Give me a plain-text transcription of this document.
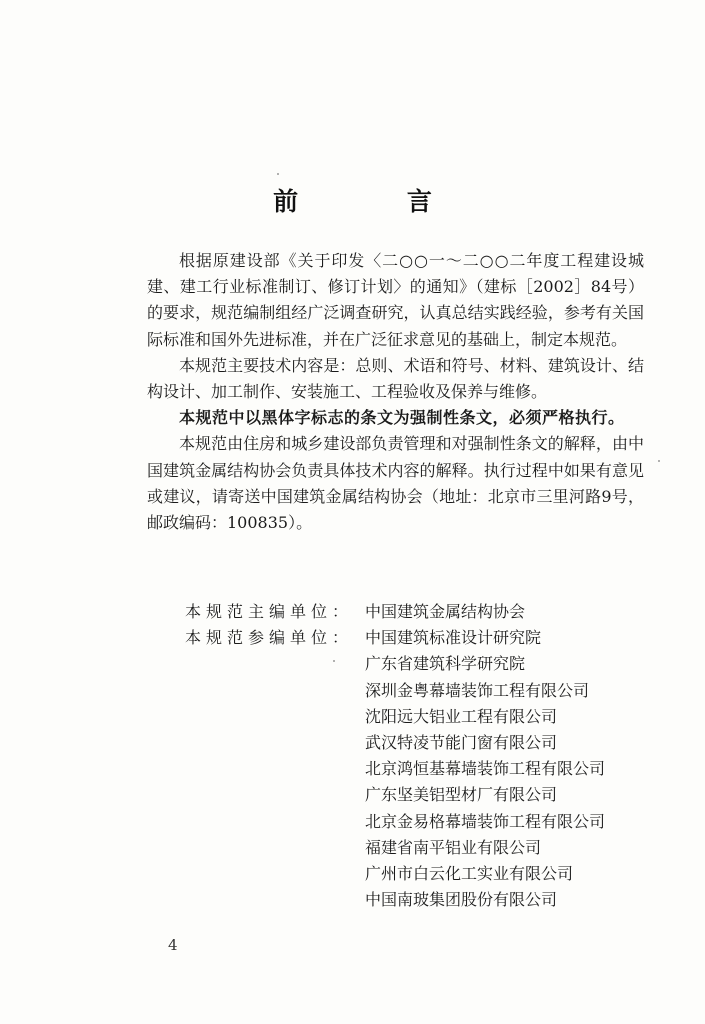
前 言

根据原建设部《关于印发〈二○○一～二○○二年度工程建设城建、建工行业标准制订、修订计划〉的通知》（建标［2002］84号）的要求，规范编制组经广泛调查研究，认真总结实践经验，参考有关国际标准和国外先进标准，并在广泛征求意见的基础上，制定本规范。

本规范主要技术内容是：总则、术语和符号、材料、建筑设计、结构设计、加工制作、安装施工、工程验收及保养与维修。

本规范中以黑体字标志的条文为强制性条文，必须严格执行。

本规范由住房和城乡建设部负责管理和对强制性条文的解释，由中国建筑金属结构协会负责具体技术内容的解释。执行过程中如果有意见或建议，请寄送中国建筑金属结构协会（地址：北京市三里河路9号，邮政编码：100835）。

本规范主编单位： 中国建筑金属结构协会
本规范参编单位： 中国建筑标准设计研究院
广东省建筑科学研究院
深圳金粤幕墙装饰工程有限公司
沈阳远大铝业工程有限公司
武汉特凌节能门窗有限公司
北京鸿恒基幕墙装饰工程有限公司
广东坚美铝型材厂有限公司
北京金易格幕墙装饰工程有限公司
福建省南平铝业有限公司
广州市白云化工实业有限公司
中国南玻集团股份有限公司
4
